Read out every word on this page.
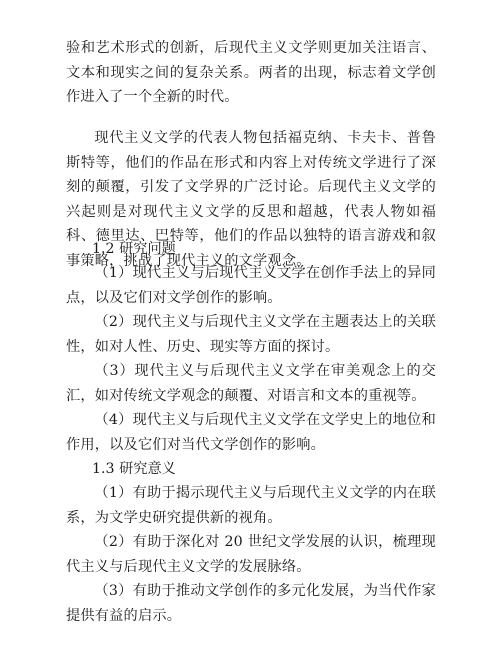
验和艺术形式的创新，后现代主义文学则更加关注语言、文本和现实之间的复杂关系。两者的出现，标志着文学创作进入了一个全新的时代。

现代主义文学的代表人物包括福克纳、卡夫卡、普鲁斯特等，他们的作品在形式和内容上对传统文学进行了深刻的颠覆，引发了文学界的广泛讨论。后现代主义文学的兴起则是对现代主义文学的反思和超越，代表人物如福科、德里达、巴特等，他们的作品以独特的语言游戏和叙事策略，挑战了现代主义的文学观念。

1.2 研究问题

（1）现代主义与后现代主义文学在创作手法上的异同点，以及它们对文学创作的影响。

（2）现代主义与后现代主义文学在主题表达上的关联性，如对人性、历史、现实等方面的探讨。

（3）现代主义与后现代主义文学在审美观念上的交汇，如对传统文学观念的颠覆、对语言和文本的重视等。

（4）现代主义与后现代主义文学在文学史上的地位和作用，以及它们对当代文学创作的影响。

1.3 研究意义

（1）有助于揭示现代主义与后现代主义文学的内在联系，为文学史研究提供新的视角。

（2）有助于深化对 20 世纪文学发展的认识，梳理现代主义与后现代主义文学的发展脉络。

（3）有助于推动文学创作的多元化发展，为当代作家提供有益的启示。
